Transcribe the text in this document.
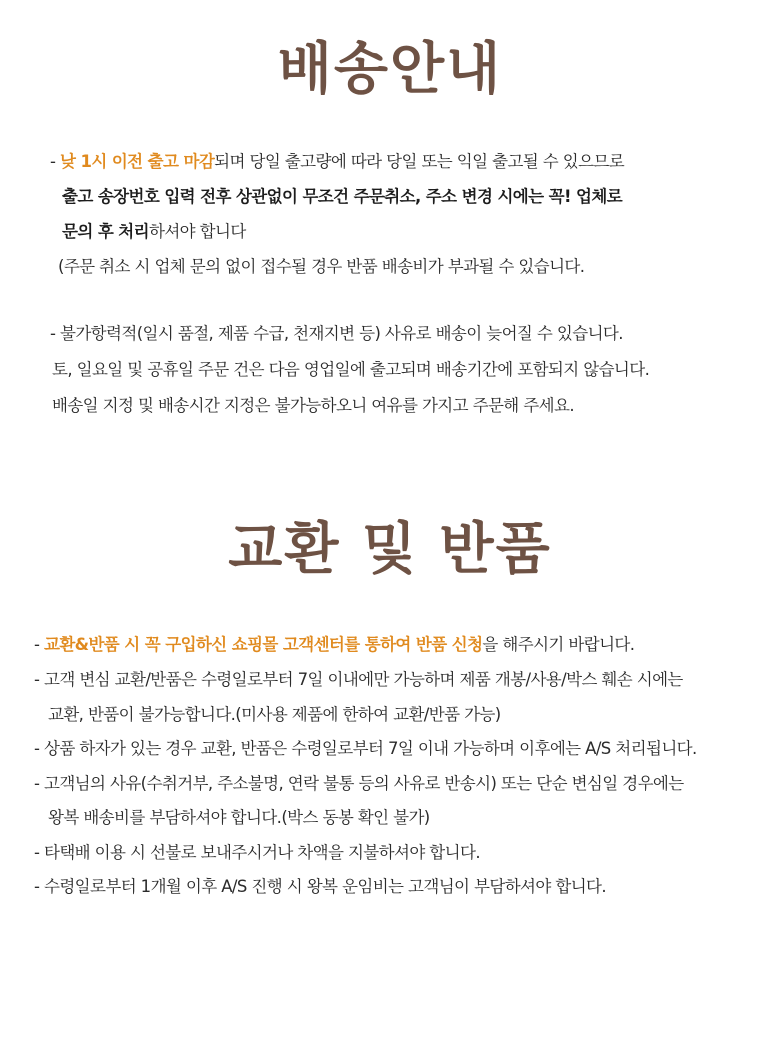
배송안내
- 낮 1시 이전 출고 마감되며 당일 출고량에 따라 당일 또는 익일 출고될 수 있으므로
출고 송장번호 입력 전후 상관없이 무조건 주문취소, 주소 변경 시에는 꼭! 업체로
문의 후 처리하셔야 합니다
(주문 취소 시 업체 문의 없이 접수될 경우 반품 배송비가 부과될 수 있습니다.
- 불가항력적(일시 품절, 제품 수급, 천재지변 등) 사유로 배송이 늦어질 수 있습니다.
토, 일요일 및 공휴일 주문 건은 다음 영업일에 출고되며 배송기간에 포함되지 않습니다.
배송일 지정 및 배송시간 지정은 불가능하오니 여유를 가지고 주문해 주세요.
교환 및 반품
- 교환&반품 시 꼭 구입하신 쇼핑몰 고객센터를 통하여 반품 신청을 해주시기 바랍니다.
- 고객 변심 교환/반품은 수령일로부터 7일 이내에만 가능하며 제품 개봉/사용/박스 훼손 시에는
교환, 반품이 불가능합니다.(미사용 제품에 한하여 교환/반품 가능)
- 상품 하자가 있는 경우 교환, 반품은 수령일로부터 7일 이내 가능하며 이후에는 A/S 처리됩니다.
- 고객님의 사유(수취거부, 주소불명, 연락 불통 등의 사유로 반송시) 또는 단순 변심일 경우에는
왕복 배송비를 부담하셔야 합니다.(박스 동봉 확인 불가)
- 타택배 이용 시 선불로 보내주시거나 차액을 지불하셔야 합니다.
- 수령일로부터 1개월 이후 A/S 진행 시 왕복 운임비는 고객님이 부담하셔야 합니다.
